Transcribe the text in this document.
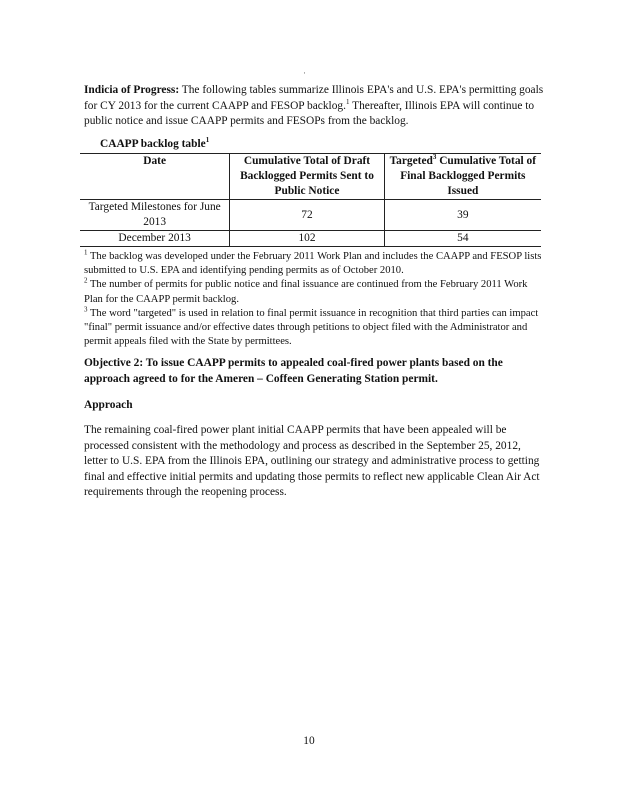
·
Indicia of Progress: The following tables summarize Illinois EPA's and U.S. EPA's permitting goals for CY 2013 for the current CAAPP and FESOP backlog.$^1$ Thereafter, Illinois EPA will continue to public notice and issue CAAPP permits and FESOPs from the backlog.
CAAPP backlog table$^1$
Date	Cumulative Total of Draft Backlogged Permits Sent to Public Notice	Targeted$^3$ Cumulative Total of Final Backlogged Permits Issued
Targeted Milestones for June 2013	72	39
December 2013	102	54

$^1$ The backlog was developed under the February 2011 Work Plan and includes the CAAPP and FESOP lists submitted to U.S. EPA and identifying pending permits as of October 2010.

$^2$ The number of permits for public notice and final issuance are continued from the February 2011 Work Plan for the CAAPP permit backlog.

$^3$ The word "targeted" is used in relation to final permit issuance in recognition that third parties can impact "final" permit issuance and/or effective dates through petitions to object filed with the Administrator and permit appeals filed with the State by permittees.

Objective 2: To issue CAAPP permits to appealed coal-fired power plants based on the approach agreed to for the Ameren – Coffeen Generating Station permit.
Approach
The remaining coal-fired power plant initial CAAPP permits that have been appealed will be processed consistent with the methodology and process as described in the September 25, 2012, letter to U.S. EPA from the Illinois EPA, outlining our strategy and administrative process to getting final and effective initial permits and updating those permits to reflect new applicable Clean Air Act requirements through the reopening process.
10
